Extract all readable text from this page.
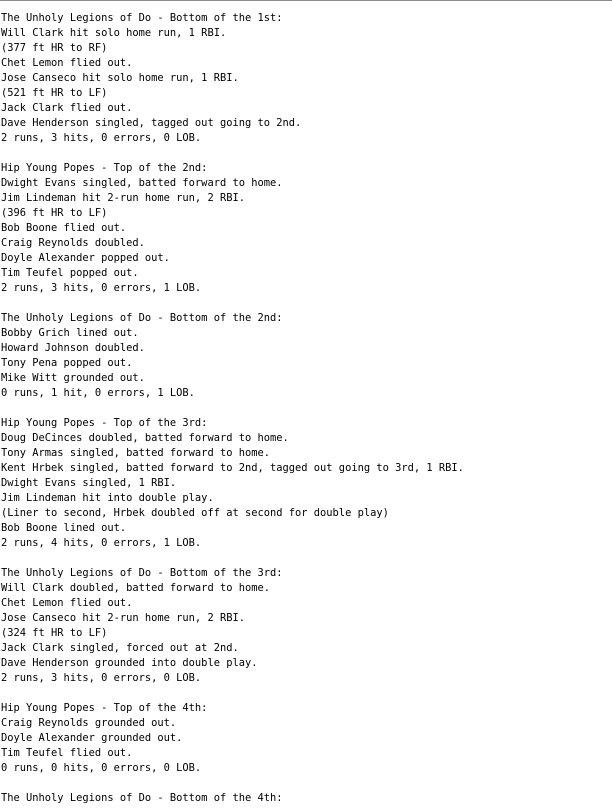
The Unholy Legions of Do - Bottom of the 1st:
Will Clark hit solo home run, 1 RBI.
(377 ft HR to RF)
Chet Lemon flied out.
Jose Canseco hit solo home run, 1 RBI.
(521 ft HR to LF)
Jack Clark flied out.
Dave Henderson singled, tagged out going to 2nd.
2 runs, 3 hits, 0 errors, 0 LOB.
Hip Young Popes - Top of the 2nd:
Dwight Evans singled, batted forward to home.
Jim Lindeman hit 2-run home run, 2 RBI.
(396 ft HR to LF)
Bob Boone flied out.
Craig Reynolds doubled.
Doyle Alexander popped out.
Tim Teufel popped out.
2 runs, 3 hits, 0 errors, 1 LOB.
The Unholy Legions of Do - Bottom of the 2nd:
Bobby Grich lined out.
Howard Johnson doubled.
Tony Pena popped out.
Mike Witt grounded out.
0 runs, 1 hit, 0 errors, 1 LOB.
Hip Young Popes - Top of the 3rd:
Doug DeCinces doubled, batted forward to home.
Tony Armas singled, batted forward to home.
Kent Hrbek singled, batted forward to 2nd, tagged out going to 3rd, 1 RBI.
Dwight Evans singled, 1 RBI.
Jim Lindeman hit into double play.
(Liner to second, Hrbek doubled off at second for double play)
Bob Boone lined out.
2 runs, 4 hits, 0 errors, 1 LOB.
The Unholy Legions of Do - Bottom of the 3rd:
Will Clark doubled, batted forward to home.
Chet Lemon flied out.
Jose Canseco hit 2-run home run, 2 RBI.
(324 ft HR to LF)
Jack Clark singled, forced out at 2nd.
Dave Henderson grounded into double play.
2 runs, 3 hits, 0 errors, 0 LOB.
Hip Young Popes - Top of the 4th:
Craig Reynolds grounded out.
Doyle Alexander grounded out.
Tim Teufel flied out.
0 runs, 0 hits, 0 errors, 0 LOB.
The Unholy Legions of Do - Bottom of the 4th:
